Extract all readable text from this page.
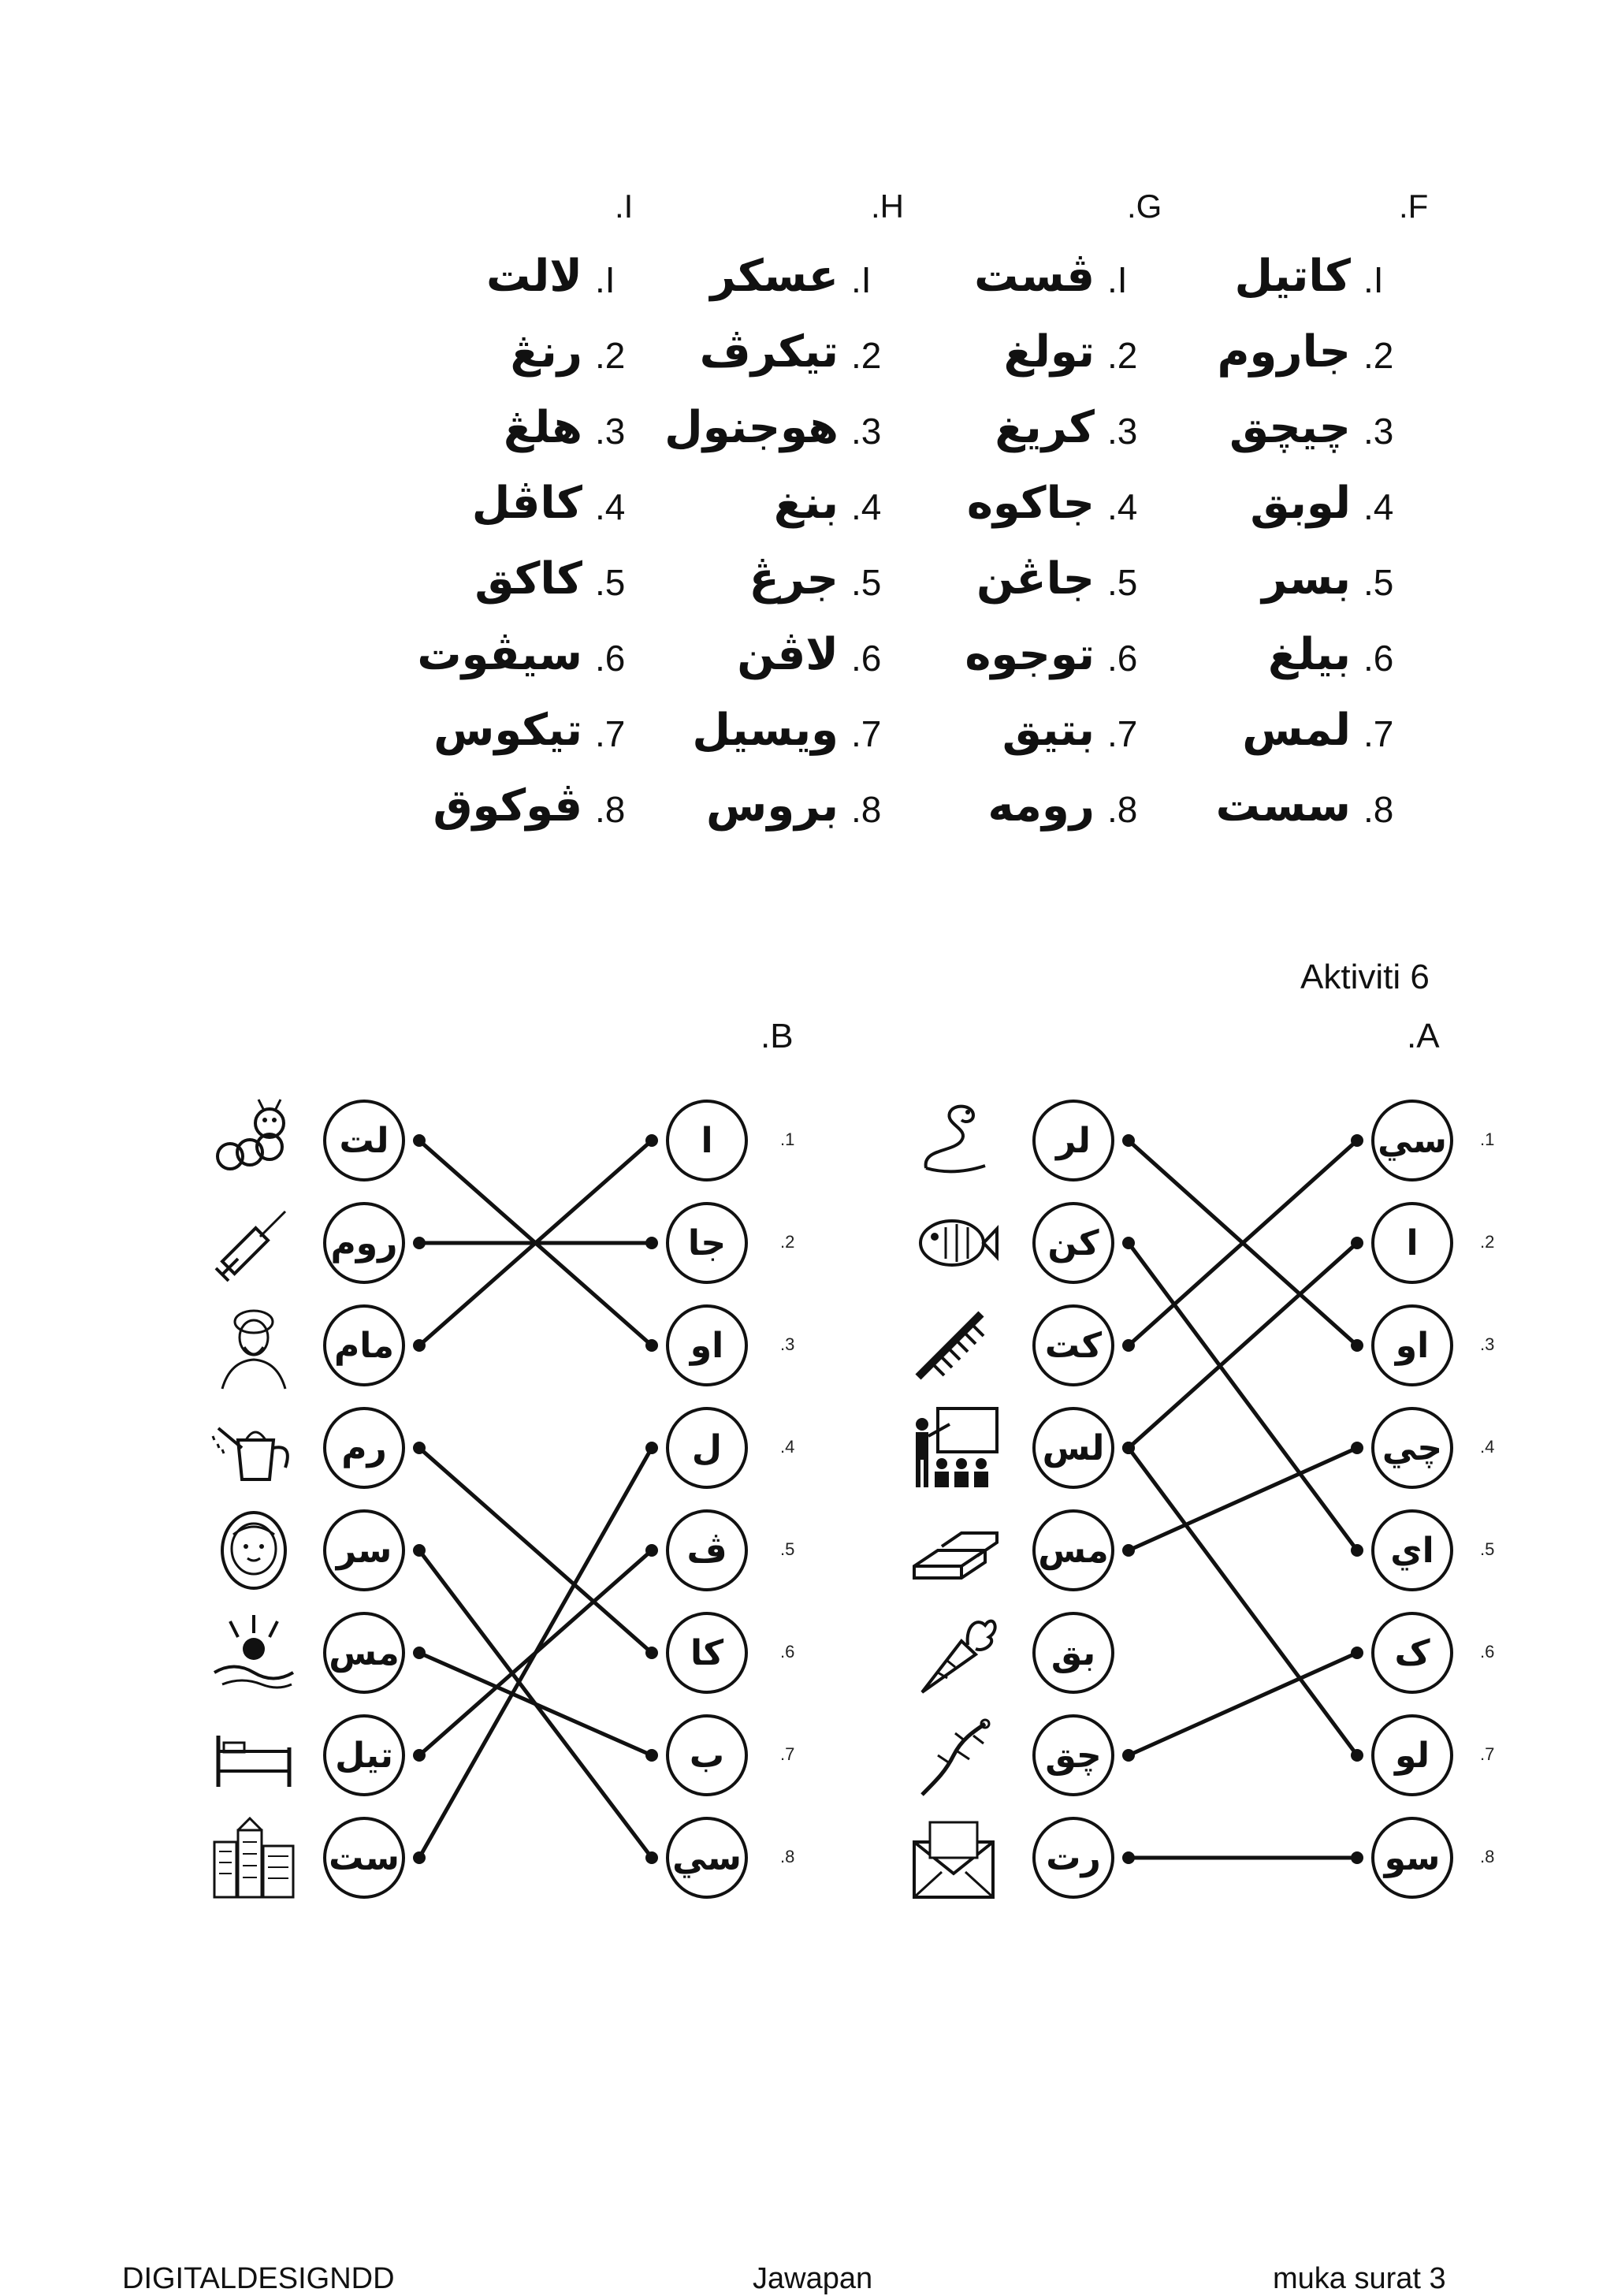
.F
.I
كاتيل
.2
جاروم
.3
چيچق
.4
لوبق
.5
بسر
.6
بيلغ
.7
لمس
.8
سست
.G
.I
ڤست
.2
تولغ
.3
كريغ
.4
جاكوه
.5
جاڠن
.6
توجوه
.7
بتيق
.8
رومه
.H
.I
عسكر
.2
تيكرڤ
.3
هوجنول
.4
بنغ
.5
جرڠ
.6
لاڤن
.7
ويسيل
.8
بروس
.I
.I
لالت
.2
رنڠ
.3
هلڠ
.4
كاڤل
.5
كاكق
.6
سيڤوت
.7
تيكوس
.8
ڤوكوق
Aktiviti 6
.A
.B
.1
سي
لر
.2
ا
كن
.3
او
كت
.4
چي
لس
.5
اي
مس
.6
ک
بق
.7
لو
چق
.8
سو
رت
.1
ا
لت
.2
جا
روم
.3
او
مام
.4
ل
رم
.5
ڤ
سر
.6
كا
مس
.7
ب
تيل
.8
سي
ست
DIGITALDESIGNDD	Jawapan	muka surat 3
